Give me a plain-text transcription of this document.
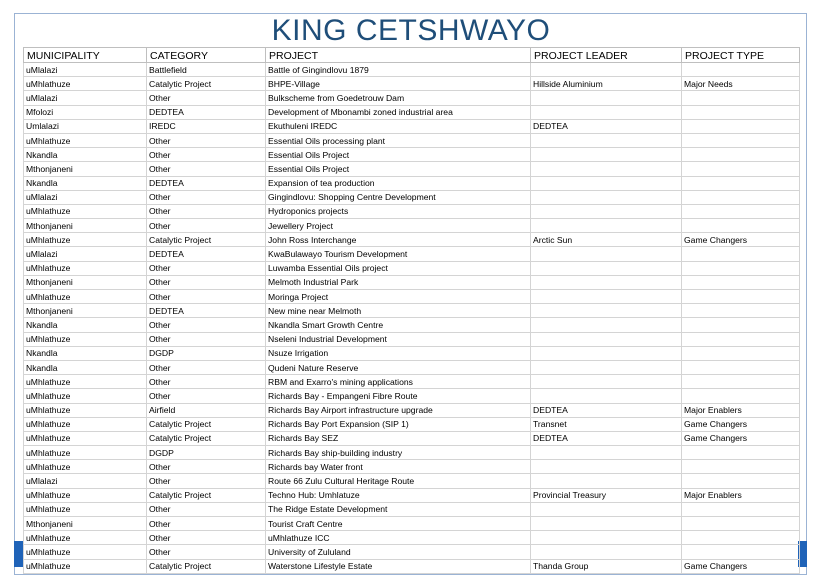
KING CETSHWAYO
MUNICIPALITY	CATEGORY	PROJECT	PROJECT LEADER	PROJECT TYPE
uMlalazi	Battlefield	Battle of Gingindlovu 1879		
uMhlathuze	Catalytic Project	BHPE-Village	Hillside Aluminium	Major Needs
uMlalazi	Other	Bulkscheme from Goedetrouw Dam		
Mfolozi	DEDTEA	Development of Mbonambi zoned industrial area		
Umlalazi	IREDC	Ekuthuleni IREDC	DEDTEA	
uMhlathuze	Other	Essential Oils processing plant		
Nkandla	Other	Essential Oils Project		
Mthonjaneni	Other	Essential Oils Project		
Nkandla	DEDTEA	Expansion of tea production		
uMlalazi	Other	Gingindlovu: Shopping Centre Development		
uMhlathuze	Other	Hydroponics projects		
Mthonjaneni	Other	Jewellery Project		
uMhlathuze	Catalytic Project	John Ross Interchange	Arctic Sun	Game Changers
uMlalazi	DEDTEA	KwaBulawayo Tourism Development		
uMhlathuze	Other	Luwamba Essential Oils project		
Mthonjaneni	Other	Melmoth Industrial Park		
uMhlathuze	Other	Moringa Project		
Mthonjaneni	DEDTEA	New mine near Melmoth		
Nkandla	Other	Nkandla Smart Growth Centre		
uMhlathuze	Other	Nseleni Industrial Development		
Nkandla	DGDP	Nsuze Irrigation		
Nkandla	Other	Qudeni Nature Reserve		
uMhlathuze	Other	RBM and Exarro's mining applications		
uMhlathuze	Other	Richards Bay - Empangeni Fibre Route		
uMhlathuze	Airfield	Richards Bay Airport infrastructure upgrade	DEDTEA	Major Enablers
uMhlathuze	Catalytic Project	Richards Bay Port Expansion (SIP 1)	Transnet	Game Changers
uMhlathuze	Catalytic Project	Richards Bay SEZ	DEDTEA	Game Changers
uMhlathuze	DGDP	Richards Bay ship-building industry		
uMhlathuze	Other	Richards bay Water front		
uMlalazi	Other	Route 66 Zulu Cultural Heritage Route		
uMhlathuze	Catalytic Project	Techno Hub: Umhlatuze	Provincial Treasury	Major Enablers
uMhlathuze	Other	The Ridge Estate Development		
Mthonjaneni	Other	Tourist Craft Centre		
uMhlathuze	Other	uMhlathuze ICC		
uMhlathuze	Other	University of Zululand		
uMhlathuze	Catalytic Project	Waterstone Lifestyle Estate	Thanda Group	Game Changers
